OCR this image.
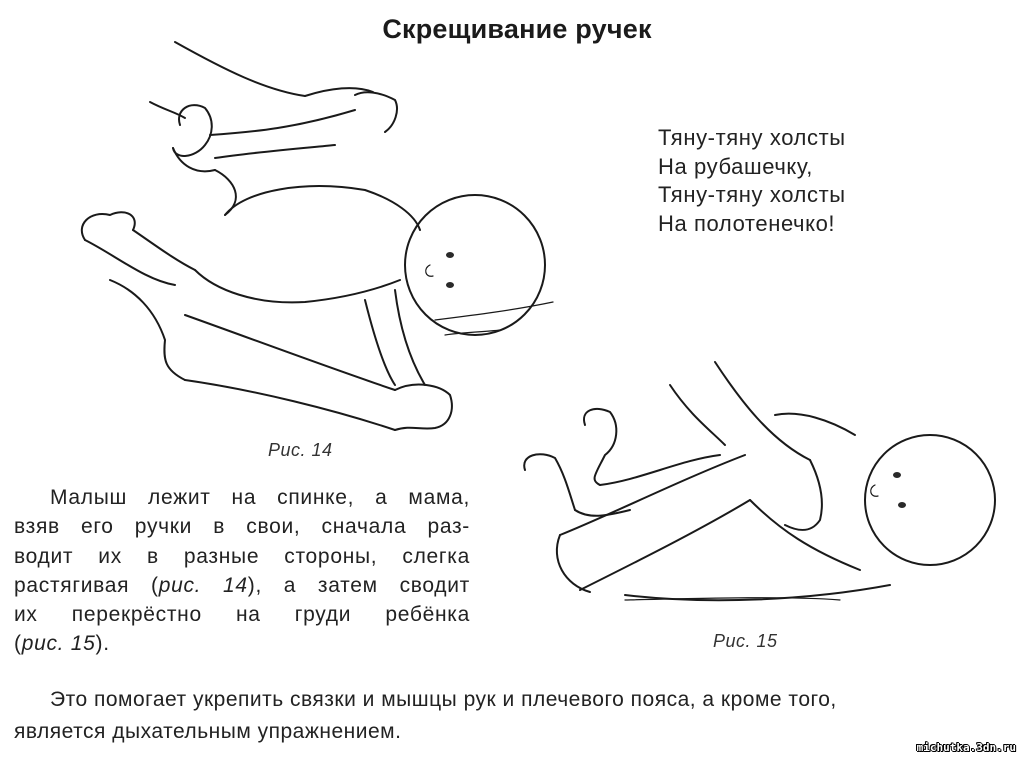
Скрещивание ручек
Рис. 14
Тяну-тяну холсты
На рубашечку,
Тяну-тяну холсты
На полотенечко!
Рис. 15
Малыш лежит на спинке, а мама,
взяв его ручки в свои, сначала раз-
водит их в разные стороны, слегка
растягивая (рис. 14), а затем сводит
их перекрёстно на груди ребёнка
(рис. 15).
Это помогает укрепить связки и мышцы рук и плечевого пояса, а кроме того,
является дыхательным упражнением.
michutka.3dn.ru
